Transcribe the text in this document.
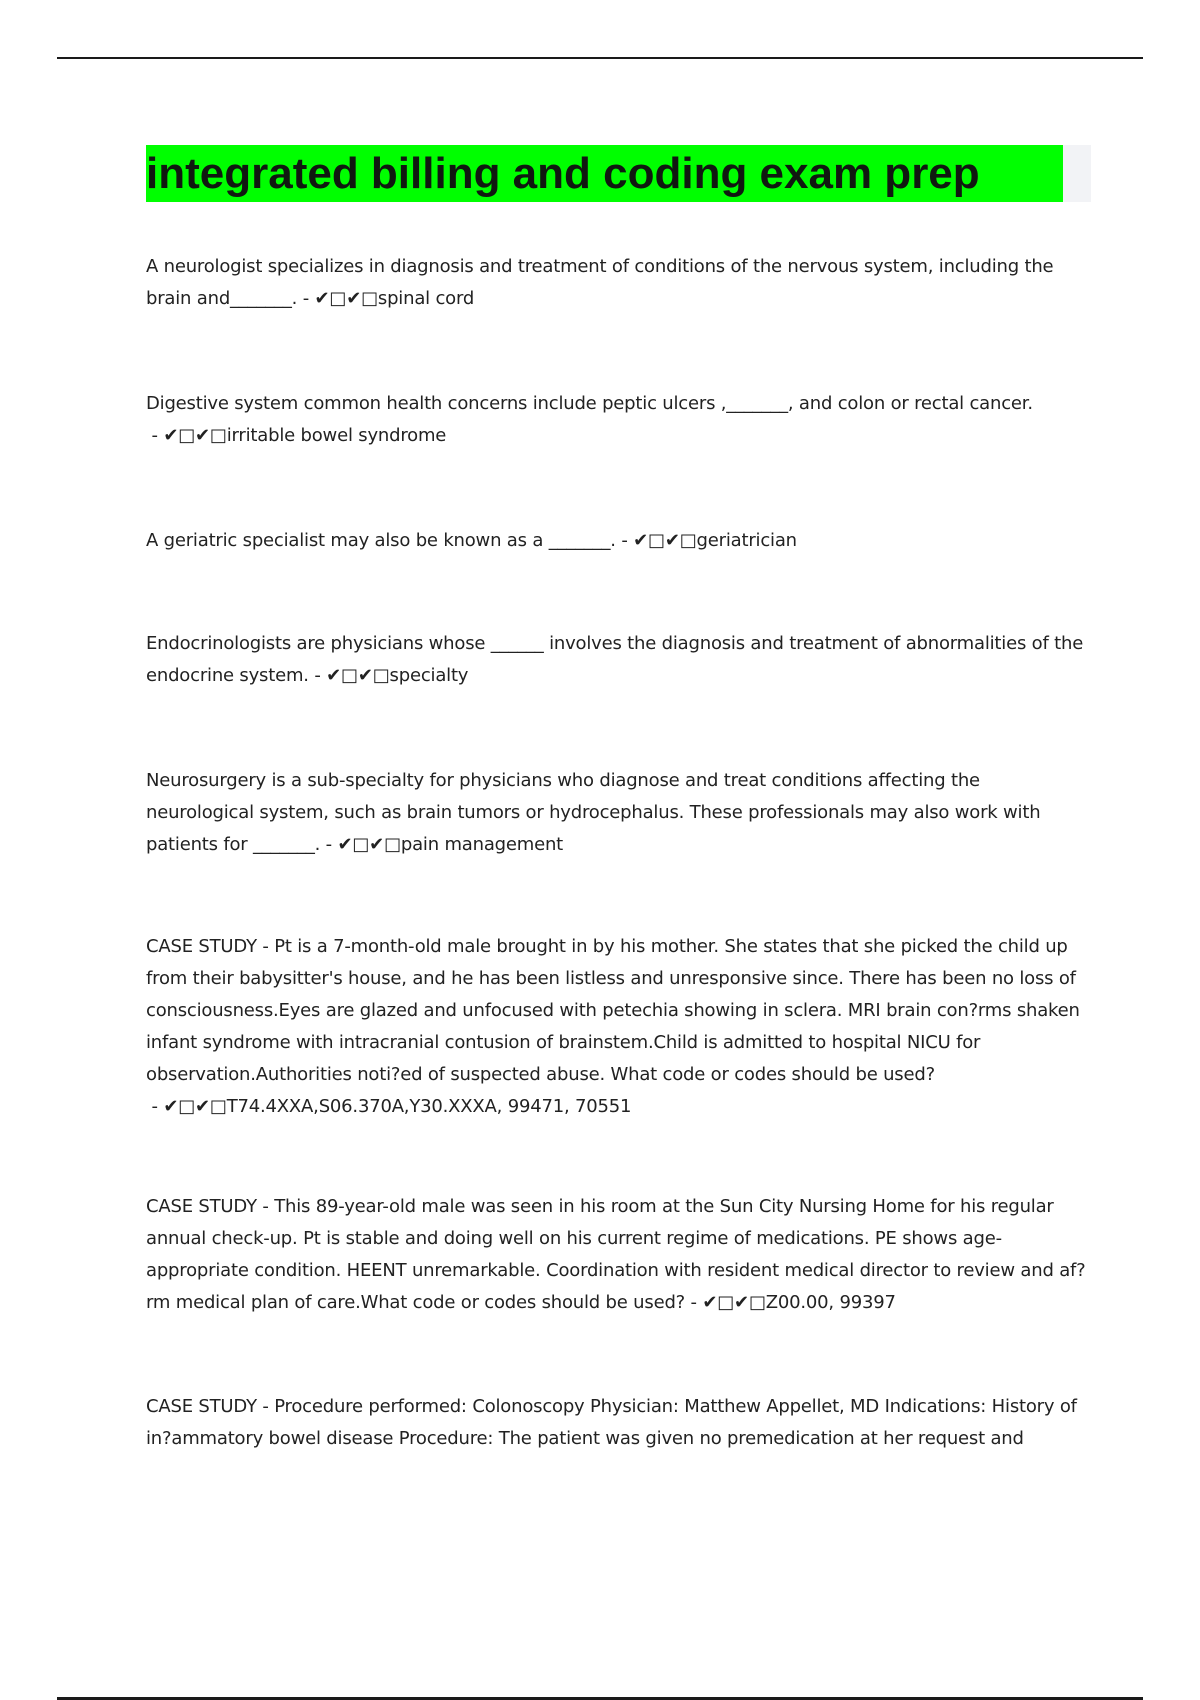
integrated billing and coding exam prep

A neurologist specializes in diagnosis and treatment of conditions of the nervous system, including the brain and_______. - ✔□✔□spinal cord

Digestive system common health concerns include peptic ulcers ,_______, and colon or rectal cancer. - ✔□✔□irritable bowel syndrome

A geriatric specialist may also be known as a _______. - ✔□✔□geriatrician

Endocrinologists are physicians whose ______ involves the diagnosis and treatment of abnormalities of the endocrine system. - ✔□✔□specialty

Neurosurgery is a sub-specialty for physicians who diagnose and treat conditions affecting the neurological system, such as brain tumors or hydrocephalus. These professionals may also work with patients for _______. - ✔□✔□pain management

CASE STUDY - Pt is a 7-month-old male brought in by his mother. She states that she picked the child up from their babysitter's house, and he has been listless and unresponsive since. There has been no loss of consciousness.Eyes are glazed and unfocused with petechia showing in sclera. MRI brain con?rms shaken infant syndrome with intracranial contusion of brainstem.Child is admitted to hospital NICU for observation.Authorities noti?ed of suspected abuse. What code or codes should be used? - ✔□✔□T74.4XXA,S06.370A,Y30.XXXA, 99471, 70551

CASE STUDY - This 89-year-old male was seen in his room at the Sun City Nursing Home for his regular annual check-up. Pt is stable and doing well on his current regime of medications. PE shows age-appropriate condition. HEENT unremarkable. Coordination with resident medical director to review and af?rm medical plan of care.What code or codes should be used? - ✔□✔□Z00.00, 99397

CASE STUDY - Procedure performed: Colonoscopy Physician: Matthew Appellet, MD Indications: History of in?ammatory bowel disease Procedure: The patient was given no premedication at her request and
